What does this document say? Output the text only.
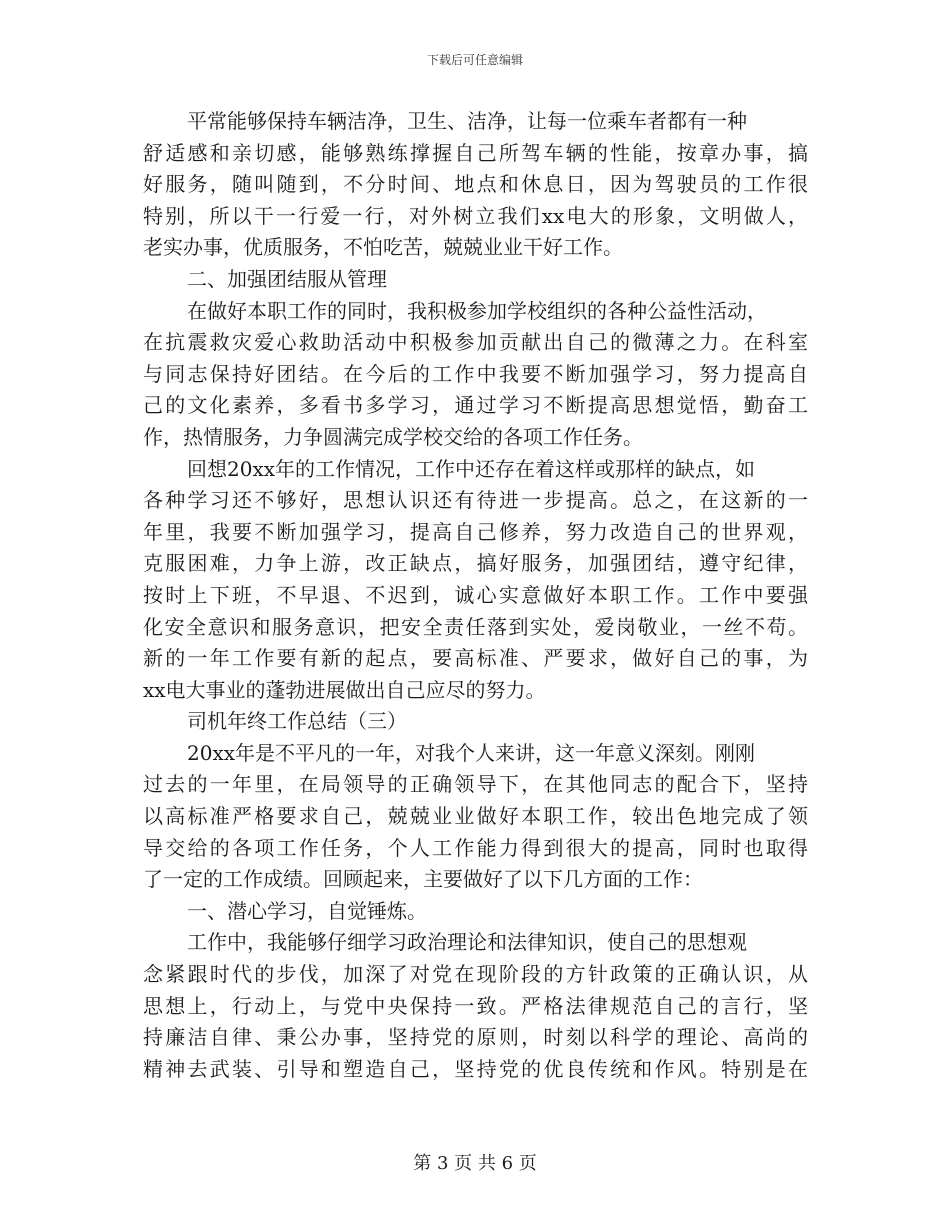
下载后可任意编辑
平常能够保持车辆洁净，卫生、洁净，让每一位乘车者都有一种
舒适感和亲切感，能够熟练撑握自己所驾车辆的性能，按章办事，搞
好服务，随叫随到，不分时间、地点和休息日，因为驾驶员的工作很
特别，所以干一行爱一行，对外树立我们xx电大的形象，文明做人，
老实办事，优质服务，不怕吃苦，兢兢业业干好工作。
二、加强团结服从管理
在做好本职工作的同时，我积极参加学校组织的各种公益性活动，
在抗震救灾爱心救助活动中积极参加贡献出自己的微薄之力。在科室
与同志保持好团结。在今后的工作中我要不断加强学习，努力提高自
己的文化素养，多看书多学习，通过学习不断提高思想觉悟，勤奋工
作，热情服务，力争圆满完成学校交给的各项工作任务。
回想20xx年的工作情况，工作中还存在着这样或那样的缺点，如
各种学习还不够好，思想认识还有待进一步提高。总之，在这新的一
年里，我要不断加强学习，提高自己修养，努力改造自己的世界观，
克服困难，力争上游，改正缺点，搞好服务，加强团结，遵守纪律，
按时上下班，不早退、不迟到，诚心实意做好本职工作。工作中要强
化安全意识和服务意识，把安全责任落到实处，爱岗敬业，一丝不苟。
新的一年工作要有新的起点，要高标准、严要求，做好自己的事，为
xx电大事业的蓬勃进展做出自己应尽的努力。
司机年终工作总结（三）
20xx年是不平凡的一年，对我个人来讲，这一年意义深刻。刚刚
过去的一年里，在局领导的正确领导下，在其他同志的配合下，坚持
以高标准严格要求自己，兢兢业业做好本职工作，较出色地完成了领
导交给的各项工作任务，个人工作能力得到很大的提高，同时也取得
了一定的工作成绩。回顾起来，主要做好了以下几方面的工作：
一、潜心学习，自觉锤炼。
工作中，我能够仔细学习政治理论和法律知识，使自己的思想观
念紧跟时代的步伐，加深了对党在现阶段的方针政策的正确认识，从
思想上，行动上，与党中央保持一致。严格法律规范自己的言行，坚
持廉洁自律、秉公办事，坚持党的原则，时刻以科学的理论、高尚的
精神去武装、引导和塑造自己，坚持党的优良传统和作风。特别是在
第 3 页 共 6 页
